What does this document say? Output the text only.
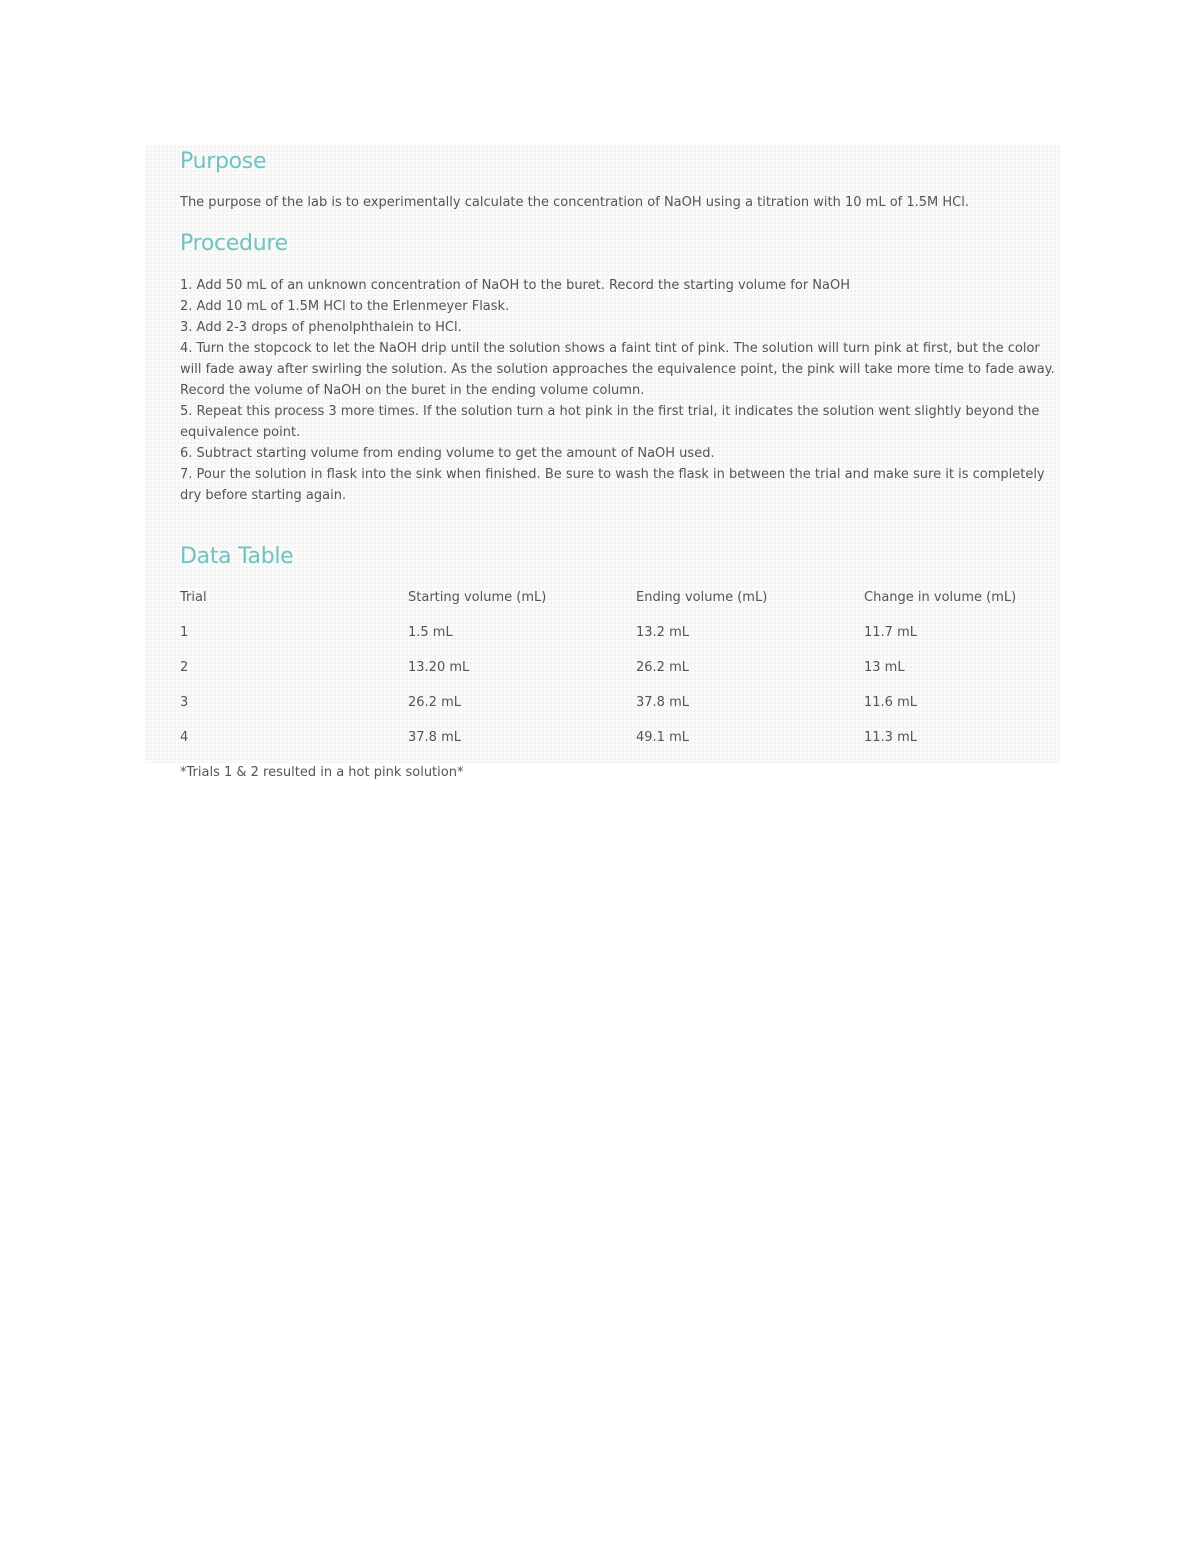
Purpose

The purpose of the lab is to experimentally calculate the concentration of NaOH using a titration with 10 mL of 1.5M HCl.

Procedure
1. Add 50 mL of an unknown concentration of NaOH to the buret. Record the starting volume for NaOH
2. Add 10 mL of 1.5M HCl to the Erlenmeyer Flask.
3. Add 2-3 drops of phenolphthalein to HCl.
4. Turn the stopcock to let the NaOH drip until the solution shows a faint tint of pink. The solution will turn pink at first, but the color will fade away after swirling the solution. As the solution approaches the equivalence point, the pink will take more time to fade away. Record the volume of NaOH on the buret in the ending volume column.
5. Repeat this process 3 more times. If the solution turn a hot pink in the first trial, it indicates the solution went slightly beyond the equivalence point.
6. Subtract starting volume from ending volume to get the amount of NaOH used.
7. Pour the solution in flask into the sink when finished. Be sure to wash the flask in between the trial and make sure it is completely dry before starting again.
Data Table
Trial	Starting volume (mL)	Ending volume (mL)	Change in volume (mL)
1	1.5 mL	13.2 mL	11.7 mL
2	13.20 mL	26.2 mL	13 mL
3	26.2 mL	37.8 mL	11.6 mL
4	37.8 mL	49.1 mL	11.3 mL
*Trials 1 & 2 resulted in a hot pink solution*
